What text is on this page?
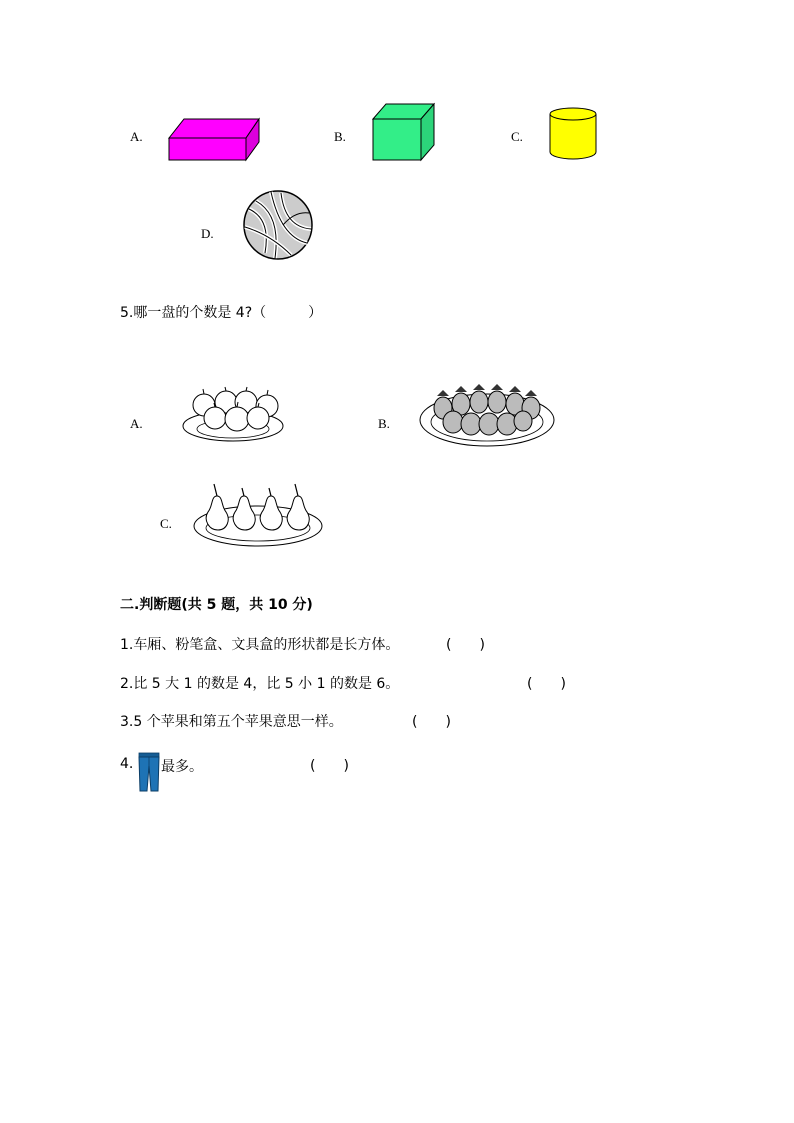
A.	B.	C.
D.
5.哪一盘的个数是 4?（　　　）
A.	B.
C.
二.判断题(共 5 题，共 10 分)
1.车厢、粉笔盒、文具盒的形状都是长方体。	(　　)
2.比 5 大 1 的数是 4，比 5 小 1 的数是 6。	(　　)
3.5 个苹果和第五个苹果意思一样。	(　　)
4. 最多。	(　　)
